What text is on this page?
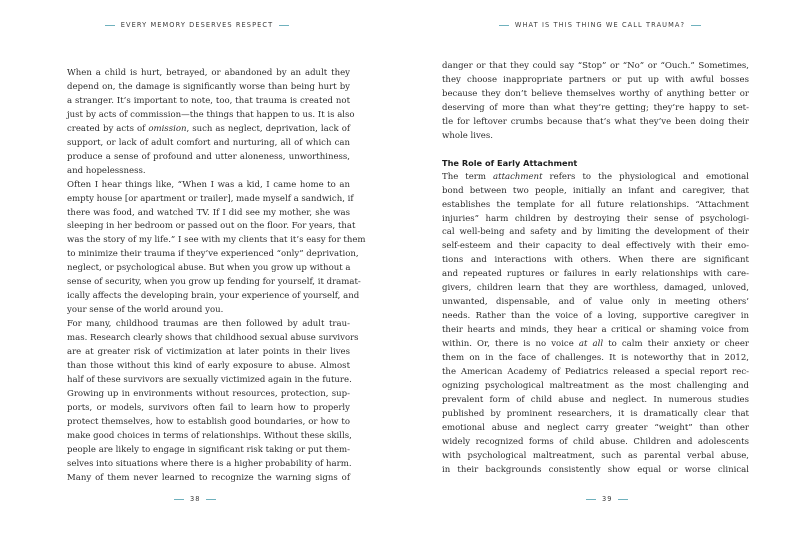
EVERY MEMORY DESERVES RESPECT
When a child is hurt, betrayed, or abandoned by an adult they
depend on, the damage is significantly worse than being hurt by
a stranger. It’s important to note, too, that trauma is created not
just by acts of commission—the things that happen to us. It is also
created by acts of omission, such as neglect, deprivation, lack of
support, or lack of adult comfort and nurturing, all of which can
produce a sense of profound and utter aloneness, unworthiness,
and hopelessness.
Often I hear things like, “When I was a kid, I came home to an
empty house [or apartment or trailer], made myself a sandwich, if
there was food, and watched TV. If I did see my mother, she was
sleeping in her bedroom or passed out on the floor. For years, that
was the story of my life.” I see with my clients that it’s easy for them
to minimize their trauma if they’ve experienced “only” deprivation,
neglect, or psychological abuse. But when you grow up without a
sense of security, when you grow up fending for yourself, it dramat-
ically affects the developing brain, your experience of yourself, and
your sense of the world around you.
For many, childhood traumas are then followed by adult trau-
mas. Research clearly shows that childhood sexual abuse survivors
are at greater risk of victimization at later points in their lives
than those without this kind of early exposure to abuse. Almost
half of these survivors are sexually victimized again in the future.
Growing up in environments without resources, protection, sup-
ports, or models, survivors often fail to learn how to properly
protect themselves, how to establish good boundaries, or how to
make good choices in terms of relationships. Without these skills,
people are likely to engage in significant risk taking or put them-
selves into situations where there is a higher probability of harm.
Many of them never learned to recognize the warning signs of
38
WHAT IS THIS THING WE CALL TRAUMA?
danger or that they could say “Stop” or “No” or “Ouch.” Sometimes,
they choose inappropriate partners or put up with awful bosses
because they don’t believe themselves worthy of anything better or
deserving of more than what they’re getting; they’re happy to set-
tle for leftover crumbs because that’s what they’ve been doing their
whole lives.
The Role of Early Attachment
The term attachment refers to the physiological and emotional
bond between two people, initially an infant and caregiver, that
establishes the template for all future relationships. “Attachment
injuries” harm children by destroying their sense of psychologi-
cal well-being and safety and by limiting the development of their
self-esteem and their capacity to deal effectively with their emo-
tions and interactions with others. When there are significant
and repeated ruptures or failures in early relationships with care-
givers, children learn that they are worthless, damaged, unloved,
unwanted, dispensable, and of value only in meeting others’
needs. Rather than the voice of a loving, supportive caregiver in
their hearts and minds, they hear a critical or shaming voice from
within. Or, there is no voice at all to calm their anxiety or cheer
them on in the face of challenges. It is noteworthy that in 2012,
the American Academy of Pediatrics released a special report rec-
ognizing psychological maltreatment as the most challenging and
prevalent form of child abuse and neglect. In numerous studies
published by prominent researchers, it is dramatically clear that
emotional abuse and neglect carry greater “weight” than other
widely recognized forms of child abuse. Children and adolescents
with psychological maltreatment, such as parental verbal abuse,
in their backgrounds consistently show equal or worse clinical
39
